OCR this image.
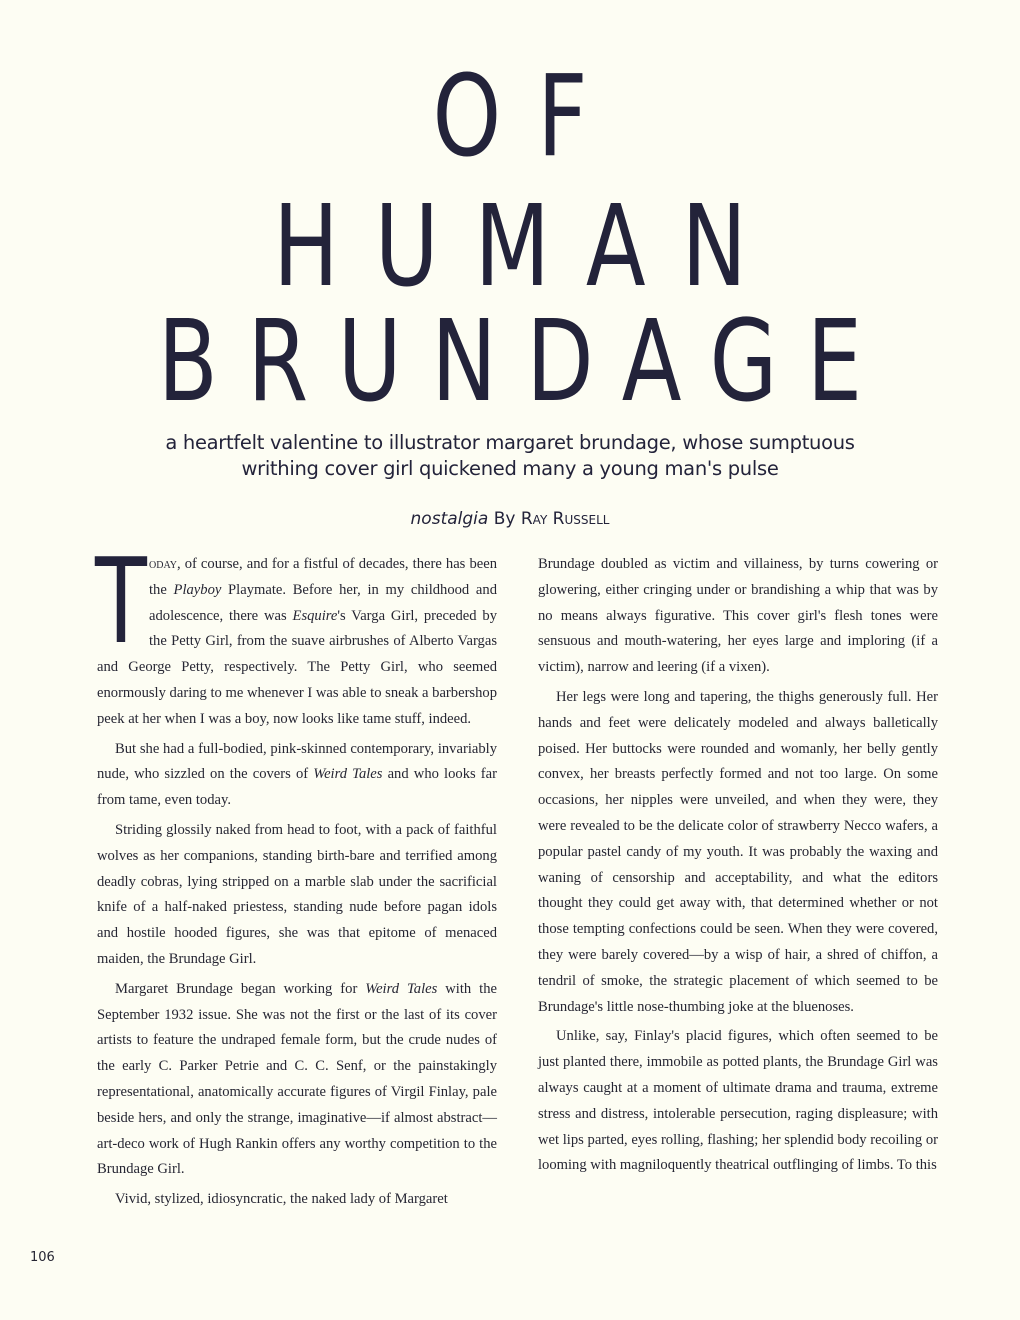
OF
HUMAN
BRUNDAGE
a heartfelt valentine to illustrator margaret brundage, whose sumptuous writhing cover girl quickened many a young man's pulse
nostalgia By Ray Russell

Today, of course, and for a fistful of decades, there has been the Playboy Playmate. Before her, in my childhood and adolescence, there was Esquire's Varga Girl, preceded by the Petty Girl, from the suave airbrushes of Alberto Vargas and George Petty, respectively. The Petty Girl, who seemed enormously daring to me whenever I was able to sneak a barbershop peek at her when I was a boy, now looks like tame stuff, indeed.

But she had a full-bodied, pink-skinned contemporary, invariably nude, who sizzled on the covers of Weird Tales and who looks far from tame, even today.

Striding glossily naked from head to foot, with a pack of faithful wolves as her companions, standing birth-bare and terrified among deadly cobras, lying stripped on a marble slab under the sacrificial knife of a half-naked priestess, standing nude before pagan idols and hostile hooded figures, she was that epitome of menaced maiden, the Brundage Girl.

Margaret Brundage began working for Weird Tales with the September 1932 issue. She was not the first or the last of its cover artists to feature the undraped female form, but the crude nudes of the early C. Parker Petrie and C. C. Senf, or the painstakingly representational, anatomically accurate figures of Virgil Finlay, pale beside hers, and only the strange, imaginative—if almost abstract—art-deco work of Hugh Rankin offers any worthy competition to the Brundage Girl.

Vivid, stylized, idiosyncratic, the naked lady of Margaret

Brundage doubled as victim and villainess, by turns cowering or glowering, either cringing under or brandishing a whip that was by no means always figurative. This cover girl's flesh tones were sensuous and mouth-watering, her eyes large and imploring (if a victim), narrow and leering (if a vixen).

Her legs were long and tapering, the thighs generously full. Her hands and feet were delicately modeled and always balletically poised. Her buttocks were rounded and womanly, her belly gently convex, her breasts perfectly formed and not too large. On some occasions, her nipples were unveiled, and when they were, they were revealed to be the delicate color of strawberry Necco wafers, a popular pastel candy of my youth. It was probably the waxing and waning of censorship and acceptability, and what the editors thought they could get away with, that determined whether or not those tempting confections could be seen. When they were covered, they were barely covered—by a wisp of hair, a shred of chiffon, a tendril of smoke, the strategic placement of which seemed to be Brundage's little nose-thumbing joke at the bluenoses.

Unlike, say, Finlay's placid figures, which often seemed to be just planted there, immobile as potted plants, the Brundage Girl was always caught at a moment of ultimate drama and trauma, extreme stress and distress, intolerable persecution, raging displeasure; with wet lips parted, eyes rolling, flashing; her splendid body recoiling or looming with magniloquently theatrical outflinging of limbs. To this

106
